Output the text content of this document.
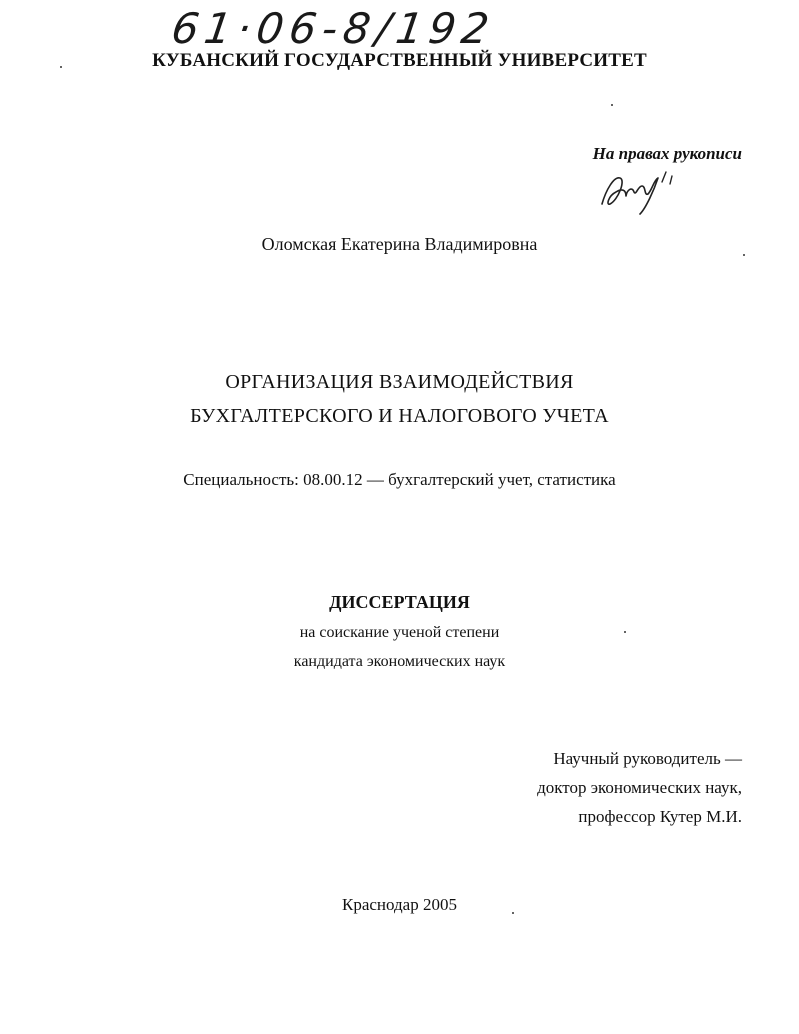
61·06-8/192
КУБАНСКИЙ ГОСУДАРСТВЕННЫЙ УНИВЕРСИТЕТ
На правах рукописи
Оломская Екатерина Владимировна
ОРГАНИЗАЦИЯ ВЗАИМОДЕЙСТВИЯ
БУХГАЛТЕРСКОГО И НАЛОГОВОГО УЧЕТА
Специальность: 08.00.12 — бухгалтерский учет, статистика
ДИССЕРТАЦИЯ
на соискание ученой степени
кандидата экономических наук
Научный руководитель —
доктор экономических наук,
профессор Кутер М.И.
Краснодар 2005
